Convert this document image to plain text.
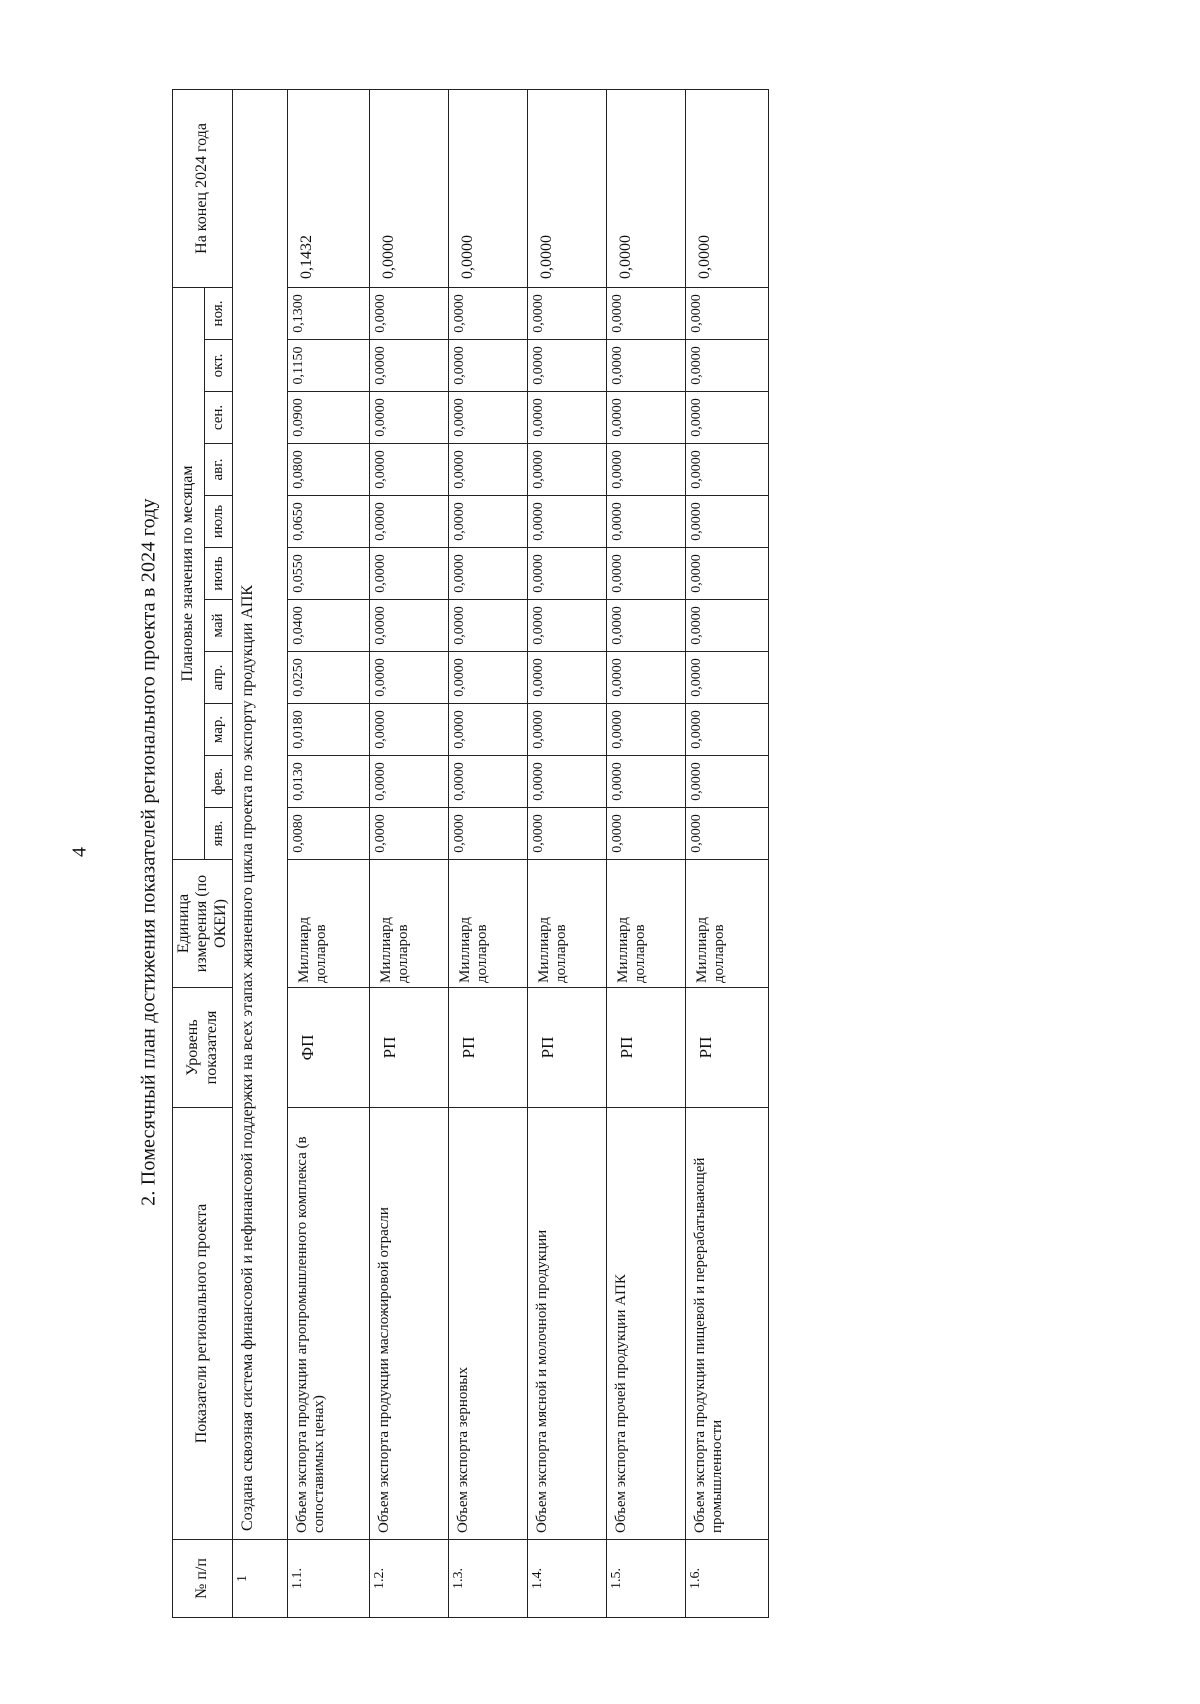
4 2. Помесячный план достижения показателей регионального проекта в 2024 году
№ п/п	Показатели регионального проекта	Уровень показателя	Единица измерения (по ОКЕИ)	Плановые значения по месяцам											На конец 2024 года
				янв.	фев.	мар.	апр.	май	июнь	июль	авг.	сен.	окт.	ноя.	
1	Создана сквозная система финансовой и нефинансовой поддержки на всех этапах жизненного цикла проекта по экспорту продукции АПК														
1.1.	Объем экспорта продукции агропромышленного комплекса (в сопоставимых ценах)	ФП	Миллиард долларов	0,0080	0,0130	0,0180	0,0250	0,0400	0,0550	0,0650	0,0800	0,0900	0,1150	0,1300	0,1432
1.2.	Объем экспорта продукции масложировой отрасли	РП	Миллиард долларов	0,0000	0,0000	0,0000	0,0000	0,0000	0,0000	0,0000	0,0000	0,0000	0,0000	0,0000	0,0000
1.3.	Объем экспорта зерновых	РП	Миллиард долларов	0,0000	0,0000	0,0000	0,0000	0,0000	0,0000	0,0000	0,0000	0,0000	0,0000	0,0000	0,0000
1.4.	Объем экспорта мясной и молочной продукции	РП	Миллиард долларов	0,0000	0,0000	0,0000	0,0000	0,0000	0,0000	0,0000	0,0000	0,0000	0,0000	0,0000	0,0000
1.5.	Объем экспорта прочей продукции АПК	РП	Миллиард долларов	0,0000	0,0000	0,0000	0,0000	0,0000	0,0000	0,0000	0,0000	0,0000	0,0000	0,0000	0,0000
1.6.	Объем экспорта продукции пищевой и перерабатывающей промышленности	РП	Миллиард долларов	0,0000	0,0000	0,0000	0,0000	0,0000	0,0000	0,0000	0,0000	0,0000	0,0000	0,0000	0,0000
